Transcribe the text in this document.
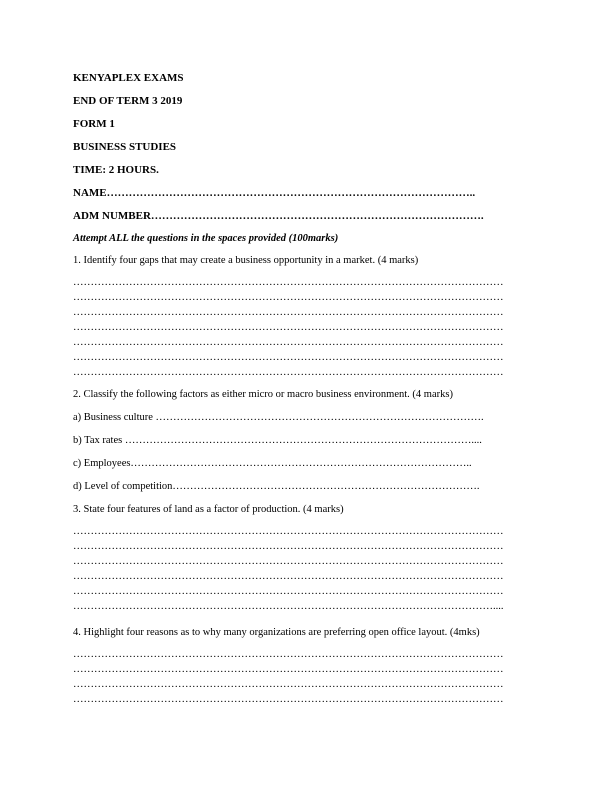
KENYAPLEX EXAMS
END OF TERM 3 2019
FORM 1
BUSINESS STUDIES
TIME: 2 HOURS.
NAME………………………………………………………………………………………..
ADM NUMBER……………………………………………………………………………….
Attempt ALL the questions in the spaces provided (100marks)
1. Identify four gaps that may create a business opportunity in a market. (4 marks)
……………………………………………………………………………………………………………
……………………………………………………………………………………………………………
……………………………………………………………………………………………………………
……………………………………………………………………………………………………………
……………………………………………………………………………………………………………
……………………………………………………………………………………………………………
……………………………………………………………………………………………………………
2. Classify the following factors as either micro or macro business environment. (4 marks)
a) Business culture ………………………………………………………………………………….
b) Tax rates ………………………………………………………………………………………....
c) Employees……………………………………………………………………………………..
d) Level of competition…………………………………………………………………………….
3. State four features of land as a factor of production. (4 marks)
……………………………………………………………………………………………………………
……………………………………………………………………………………………………………
……………………………………………………………………………………………………………
……………………………………………………………………………………………………………
……………………………………………………………………………………………………………
…………………………………………………………………………………………………………....
4. Highlight four reasons as to why many organizations are preferring open office layout. (4mks)
……………………………………………………………………………………………………………
……………………………………………………………………………………………………………
……………………………………………………………………………………………………………
……………………………………………………………………………………………………………
